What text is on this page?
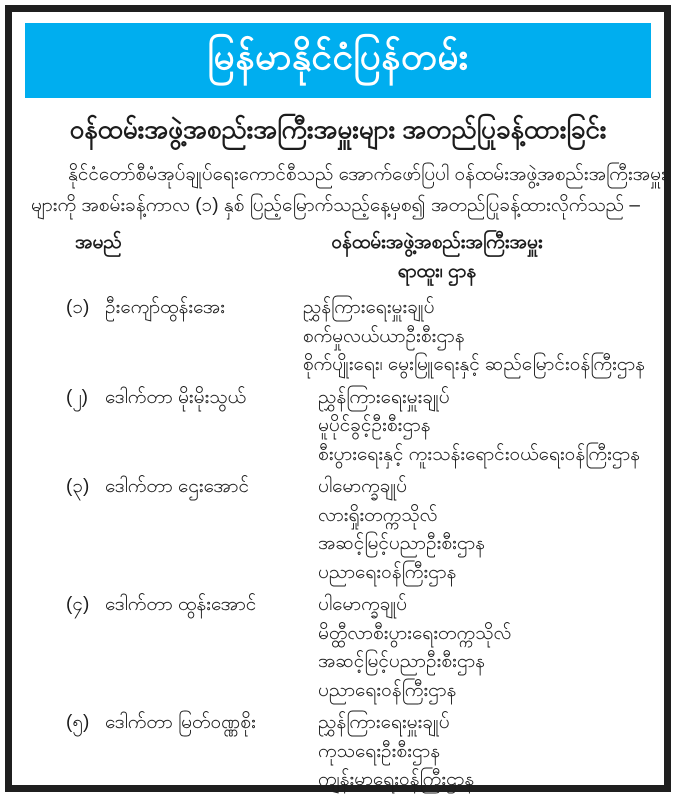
မြန်မာနိုင်ငံပြန်တမ်း
ဝန်ထမ်းအဖွဲ့အစည်းအကြီးအမှူးများ အတည်ပြုခန့်ထားခြင်း
နိုင်ငံတော်စီမံအုပ်ချုပ်ရေးကောင်စီသည် အောက်ဖော်ပြပါ ဝန်ထမ်းအဖွဲ့အစည်းအကြီးအမှူး
များကို အစမ်းခန့်ကာလ (၁) နှစ် ပြည့်မြောက်သည့်နေ့မှစ၍ အတည်ပြုခန့်ထားလိုက်သည် –
အမည်	ဝန်ထမ်းအဖွဲ့အစည်းအကြီးအမှူး
ရာထူး၊ ဌာန
(၁) ဦးကျော်ထွန်းအေး	ညွှန်ကြားရေးမှူးချုပ်
စက်မှုလယ်ယာဦးစီးဌာန
စိုက်ပျိုးရေး၊ မွေးမြူရေးနှင့် ဆည်မြောင်းဝန်ကြီးဌာန
(၂) ဒေါက်တာ မိုးမိုးသွယ်	ညွှန်ကြားရေးမှူးချုပ်
မူပိုင်ခွင့်ဦးစီးဌာန
စီးပွားရေးနှင့် ကူးသန်းရောင်းဝယ်ရေးဝန်ကြီးဌာန
(၃) ဒေါက်တာ ဌေးအောင်	ပါမောက္ခချုပ်
လားရှိုးတက္ကသိုလ်
အဆင့်မြင့်ပညာဦးစီးဌာန
ပညာရေးဝန်ကြီးဌာန
(၄) ဒေါက်တာ ထွန်းအောင်	ပါမောက္ခချုပ်
မိတ္ထီလာစီးပွားရေးတက္ကသိုလ်
အဆင့်မြင့်ပညာဦးစီးဌာန
ပညာရေးဝန်ကြီးဌာန
(၅) ဒေါက်တာ မြတ်ဝဏ္ဏစိုး	ညွှန်ကြားရေးမှူးချုပ်
ကုသရေးဦးစီးဌာန
ကျန်းမာရေးဝန်ကြီးဌာန
